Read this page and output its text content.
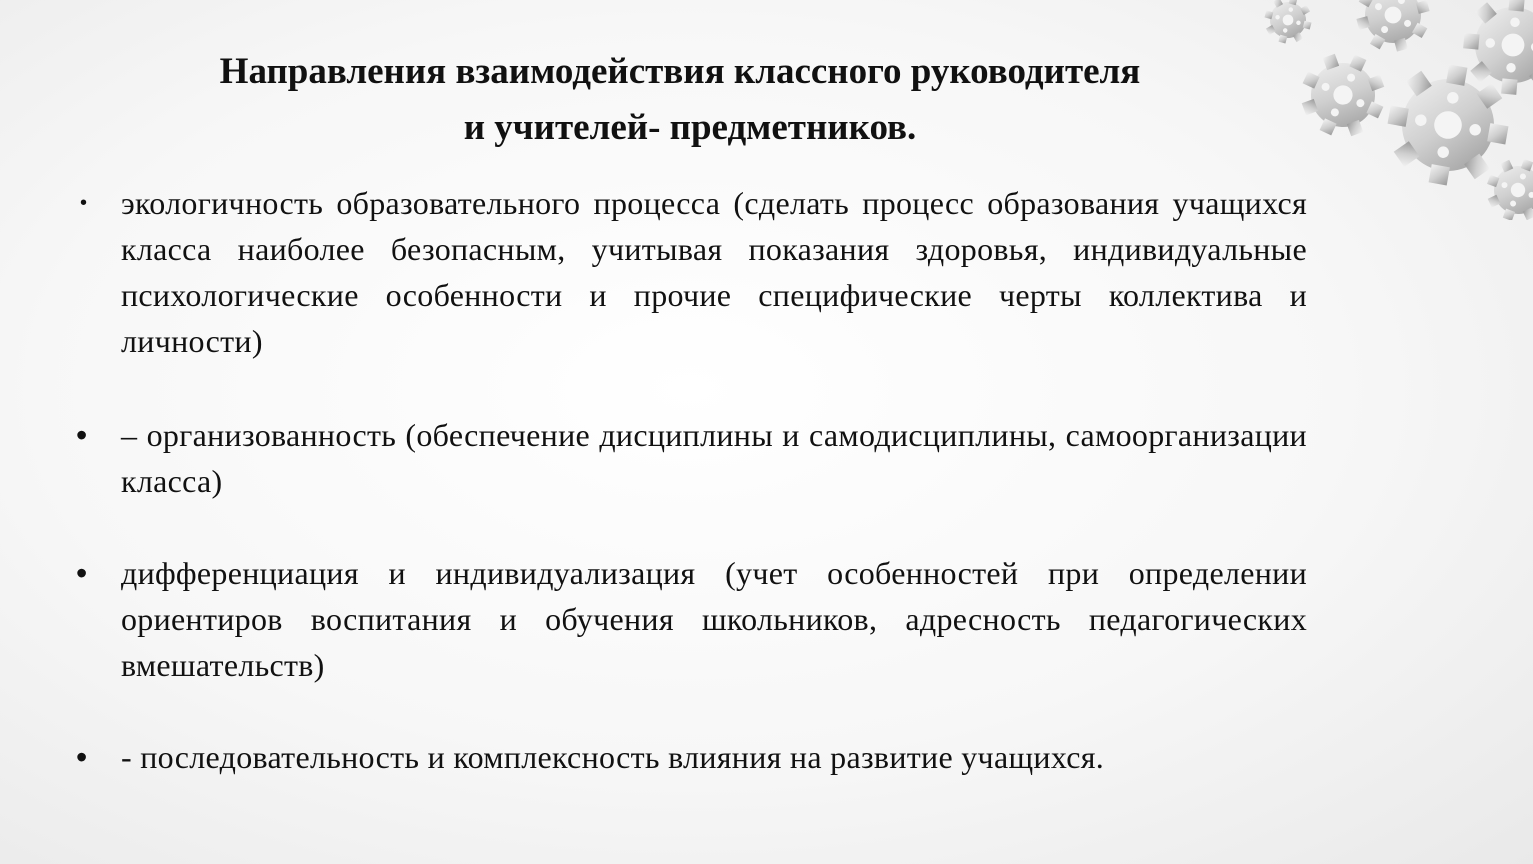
Направления взаимодействия классного руководителя
и учителей- предметников.
• экологичность образовательного процесса (сделать процесс образования учащихся класса наиболее безопасным, учитывая показания здоровья, индивидуальные психологические особенности и прочие специфические черты коллектива и личности)
• – организованность (обеспечение дисциплины и самодисциплины, самоорганизации класса)
• дифференциация и индивидуализация (учет особенностей при определении ориентиров воспитания и обучения школьников, адресность педагогических вмешательств)
• - последовательность и комплексность влияния на развитие учащихся.
